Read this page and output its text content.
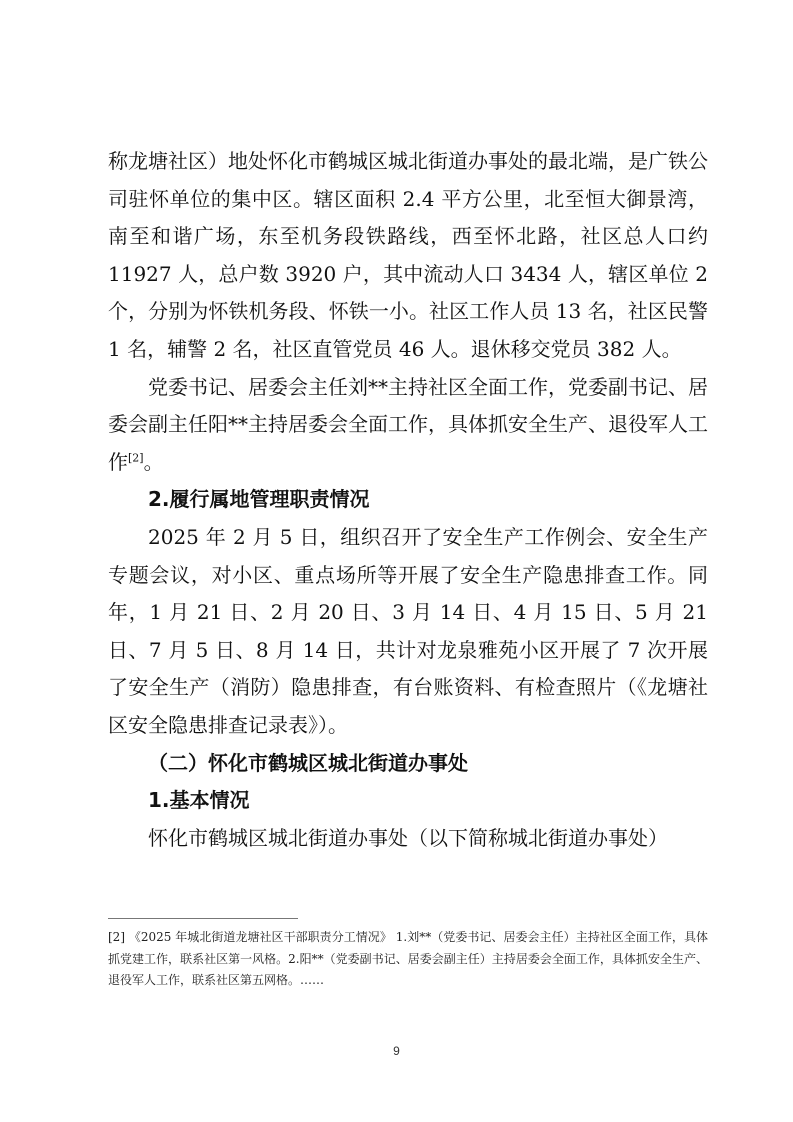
称龙塘社区）地处怀化市鹤城区城北街道办事处的最北端，是广铁公司驻怀单位的集中区。辖区面积 2.4 平方公里，北至恒大御景湾，南至和谐广场，东至机务段铁路线，西至怀北路，社区总人口约 11927 人，总户数 3920 户，其中流动人口 3434 人，辖区单位 2 个，分别为怀铁机务段、怀铁一小。社区工作人员 13 名，社区民警 1 名，辅警 2 名，社区直管党员 46 人。退休移交党员 382 人。

党委书记、居委会主任刘**主持社区全面工作，党委副书记、居委会副主任阳**主持居委会全面工作，具体抓安全生产、退役军人工作[2]。

2.履行属地管理职责情况

2025 年 2 月 5 日，组织召开了安全生产工作例会、安全生产专题会议，对小区、重点场所等开展了安全生产隐患排查工作。同年，1 月 21 日、2 月 20 日、3 月 14 日、4 月 15 日、5 月 21 日、7 月 5 日、8 月 14 日，共计对龙泉雅苑小区开展了 7 次开展了安全生产（消防）隐患排查，有台账资料、有检查照片（《龙塘社区安全隐患排查记录表》）。

（二）怀化市鹤城区城北街道办事处

1.基本情况

怀化市鹤城区城北街道办事处（以下简称城北街道办事处）

[2] 《2025 年城北街道龙塘社区干部职责分工情况》 1.刘**（党委书记、居委会主任）主持社区全面工作，具体抓党建工作，联系社区第一风格。2.阳**（党委副书记、居委会副主任）主持居委会全面工作，具体抓安全生产、退役军人工作，联系社区第五网格。……
9
